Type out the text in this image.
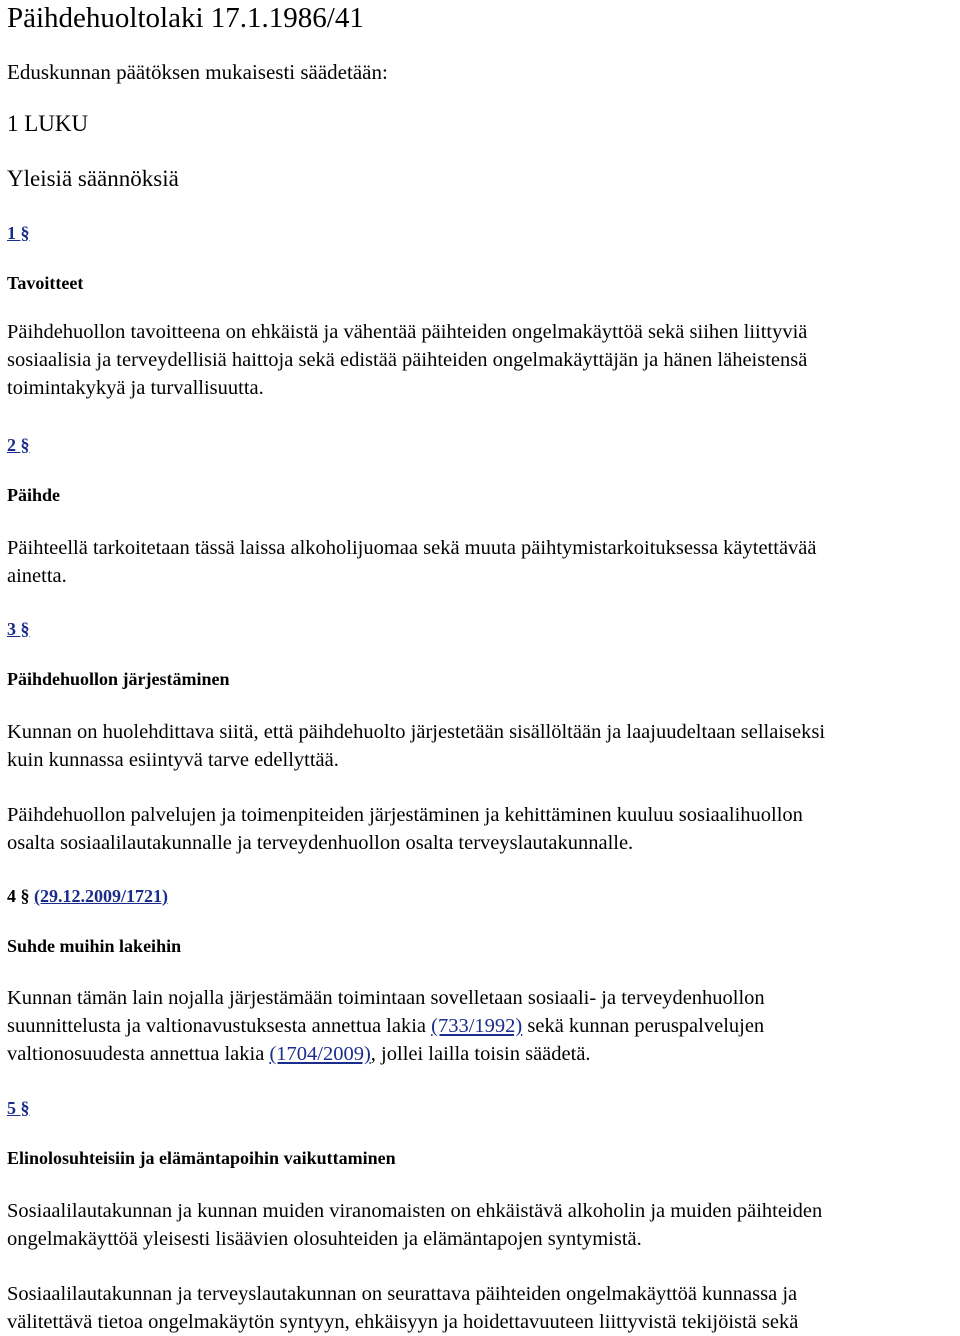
Päihdehuoltolaki 17.1.1986/41
Eduskunnan päätöksen mukaisesti säädetään:
1 LUKU
Yleisiä säännöksiä
1 §
Tavoitteet
Päihdehuollon tavoitteena on ehkäistä ja vähentää päihteiden ongelmakäyttöä sekä siihen liittyviä
sosiaalisia ja terveydellisiä haittoja sekä edistää päihteiden ongelmakäyttäjän ja hänen läheistensä
toimintakykyä ja turvallisuutta.
2 §
Päihde
Päihteellä tarkoitetaan tässä laissa alkoholijuomaa sekä muuta päihtymistarkoituksessa käytettävää
ainetta.
3 §
Päihdehuollon järjestäminen
Kunnan on huolehdittava siitä, että päihdehuolto järjestetään sisällöltään ja laajuudeltaan sellaiseksi
kuin kunnassa esiintyvä tarve edellyttää.
Päihdehuollon palvelujen ja toimenpiteiden järjestäminen ja kehittäminen kuuluu sosiaalihuollon
osalta sosiaalilautakunnalle ja terveydenhuollon osalta terveyslautakunnalle.
4 § (29.12.2009/1721)
Suhde muihin lakeihin
Kunnan tämän lain nojalla järjestämään toimintaan sovelletaan sosiaali- ja terveydenhuollon
suunnittelusta ja valtionavustuksesta annettua lakia (733/1992) sekä kunnan peruspalvelujen
valtionosuudesta annettua lakia (1704/2009), jollei lailla toisin säädetä.
5 §
Elinolosuhteisiin ja elämäntapoihin vaikuttaminen
Sosiaalilautakunnan ja kunnan muiden viranomaisten on ehkäistävä alkoholin ja muiden päihteiden
ongelmakäyttöä yleisesti lisäävien olosuhteiden ja elämäntapojen syntymistä.
Sosiaalilautakunnan ja terveyslautakunnan on seurattava päihteiden ongelmakäyttöä kunnassa ja
välitettävä tietoa ongelmakäytön syntyyn, ehkäisyyn ja hoidettavuuteen liittyvistä tekijöistä sekä
